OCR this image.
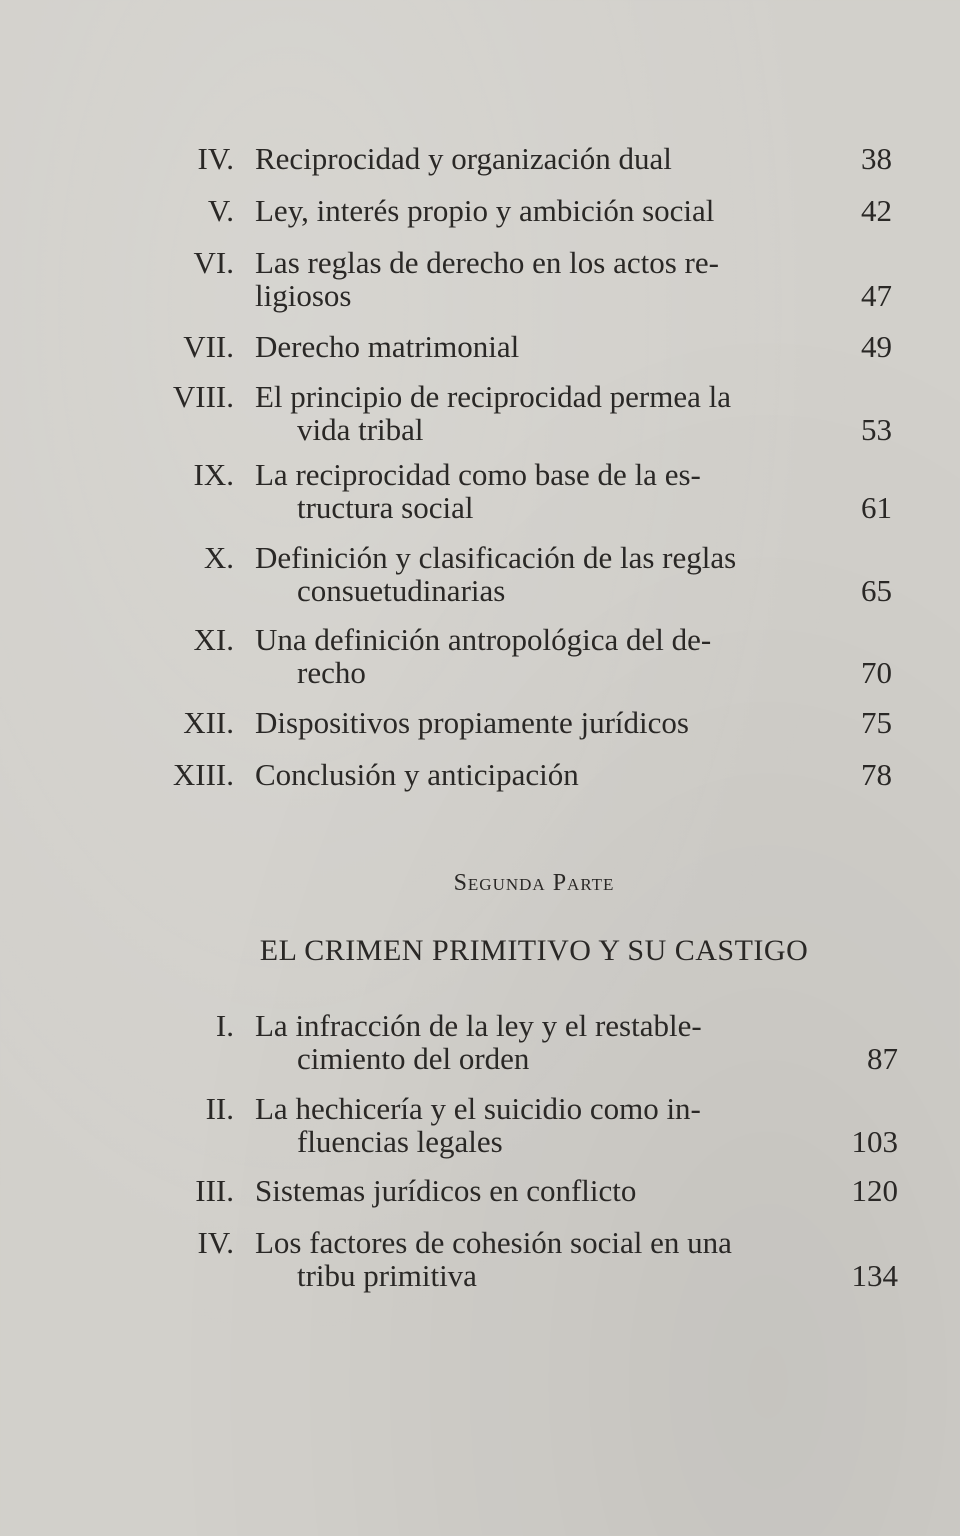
IV. Reciprocidad y organización dual	38
V. Ley, interés propio y ambición social	42
VI. Las reglas de derecho en los actos re-
ligiosos	47
VII. Derecho matrimonial	49
VIII. El principio de reciprocidad permea la
vida tribal	53
IX. La reciprocidad como base de la es-
tructura social	61
X. Definición y clasificación de las reglas
consuetudinarias	65
XI. Una definición antropológica del de-
recho	70
XII. Dispositivos propiamente jurídicos	75
XIII. Conclusión y anticipación	78
Segunda Parte
EL CRIMEN PRIMITIVO Y SU CASTIGO
I. La infracción de la ley y el restable-
cimiento del orden	87
II. La hechicería y el suicidio como in-
fluencias legales	103
III. Sistemas jurídicos en conflicto	120
IV. Los factores de cohesión social en una
tribu primitiva	134
